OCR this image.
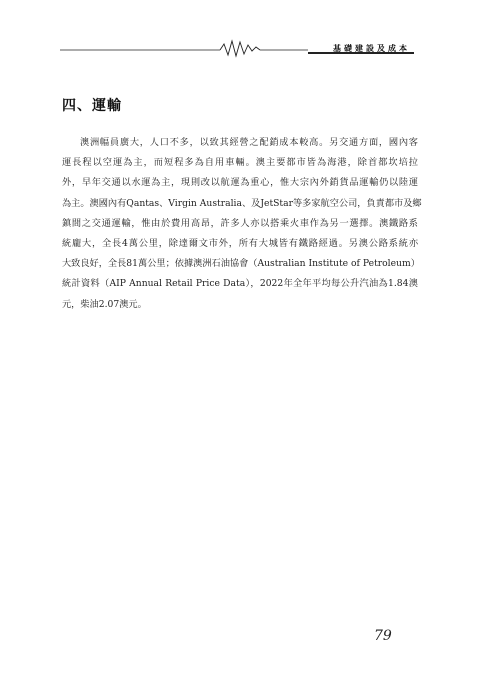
基礎建設及成本
四、運輸
澳洲幅員廣大，人口不多，以致其經營之配銷成本較高。另交通方面，國內客
運長程以空運為主，而短程多為自用車輛。澳主要都市皆為海港，除首都坎培拉
外，早年交通以水運為主，現則改以航運為重心，惟大宗內外銷貨品運輸仍以陸運
為主。澳國內有Qantas、Virgin Australia、及JetStar等多家航空公司，負責都市及鄉
鎮間之交通運輸，惟由於費用高昂，許多人亦以搭乘火車作為另一選擇。澳鐵路系
統龐大，全長4萬公里，除達爾文市外，所有大城皆有鐵路經過。另澳公路系統亦
大致良好，全長81萬公里；依據澳洲石油協會（Australian Institute of Petroleum）
統計資料（AIP Annual Retail Price Data），2022年全年平均每公升汽油為1.84澳
元，柴油2.07澳元。
79
